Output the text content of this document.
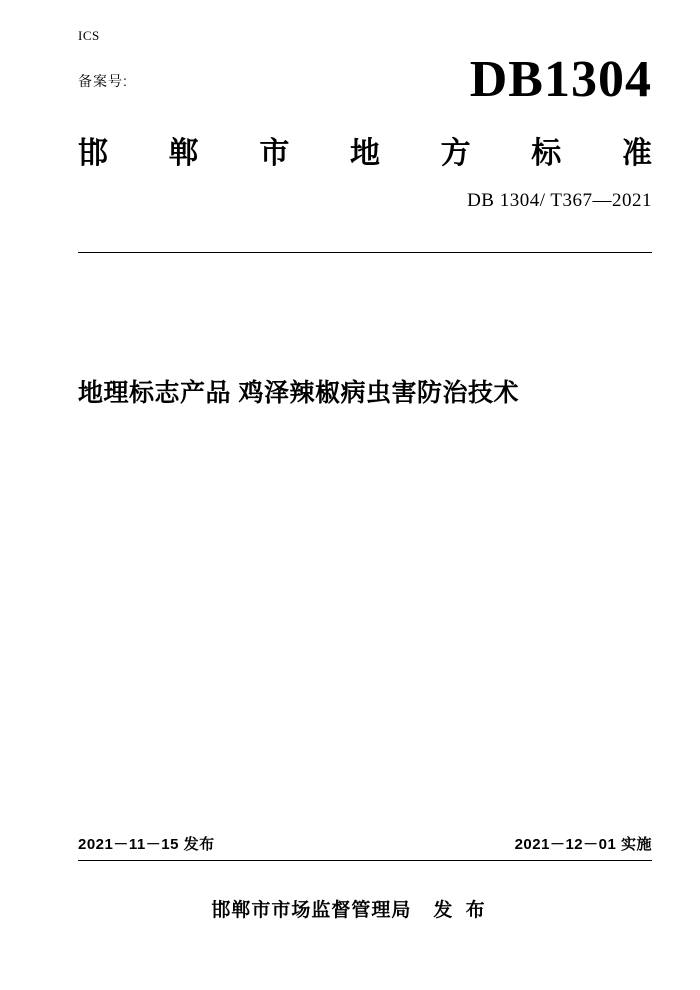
ICS
备案号:	DB1304
邯 郸 市 地 方 标 准
DB 1304/ T367—2021
地理标志产品 鸡泽辣椒病虫害防治技术
2021－11－15 发布	2021－12－01 实施
邯郸市市场监督管理局 发 布
